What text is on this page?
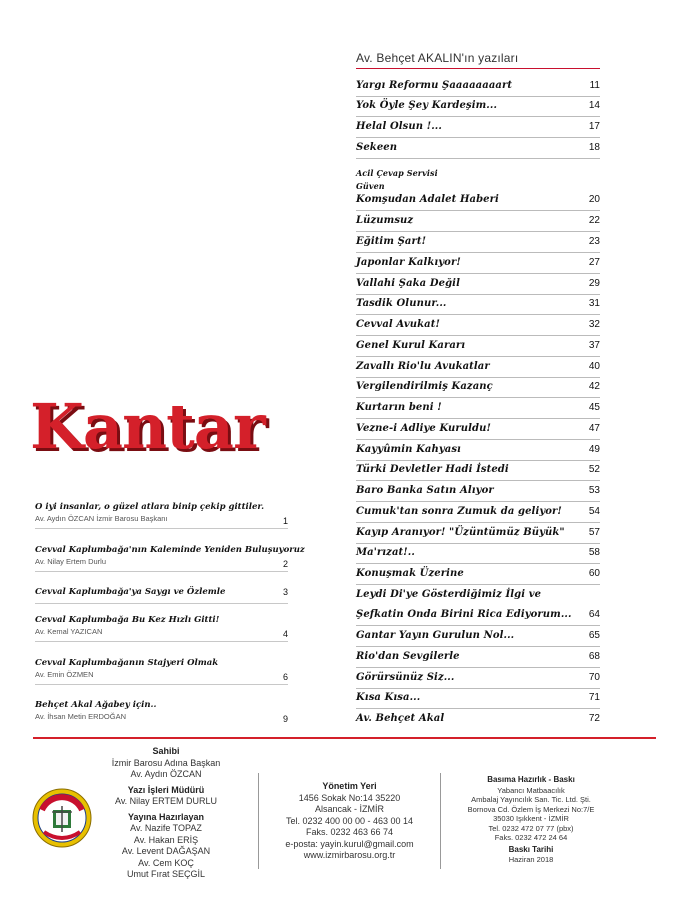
Av. Behçet AKALIN'ın yazıları
Yargı Reformu Şaaaaaaaart	11
Yok Öyle Şey Kardeşim...	14
Helal Olsun !...	17
Sekeen	18
Acil Çevap Servisi
Güven
Komşudan Adalet Haberi	20
Lüzumsuz	22
Eğitim Şart!	23
Japonlar Kalkıyor!	27
Vallahi Şaka Değil	29
Tasdik Olunur...	31
Cevval Avukat!	32
Genel Kurul Kararı	37
Zavallı Rio'lu Avukatlar	40
Vergilendirilmiş Kazanç	42
Kurtarın beni !	45
Vezne-i Adliye Kuruldu!	47
Kayyûmin Kahyası	49
Türki Devletler Hadi İstedi	52
Baro Banka Satın Alıyor	53
Cumuk'tan sonra Zumuk da geliyor!	54
Kayıp Aranıyor! "Üzüntümüz Büyük"	57
Ma'rızat!..	58
Konuşmak Üzerine	60
Leydi Di'ye Gösterdiğimiz İlgi ve
Şefkatin Onda Birini Rica Ediyorum...	64
Gantar Yayın Gurulun Nol...	65
Rio'dan Sevgilerle	68
Görürsünüz Siz...	70
Kısa Kısa...	71
Av. Behçet Akal	72
Kantar
O iyi insanlar, o güzel atlara binip çekip gittiler.
Av. Aydın ÖZCAN İzmir Barosu Başkanı	1
Cevval Kaplumbağa'nın Kaleminde Yeniden Buluşuyoruz
Av. Nilay Ertem Durlu	2
Cevval Kaplumbağa'ya Saygı ve Özlemle	3
Cevval Kaplumbağa Bu Kez Hızlı Gitti!
Av. Kemal YAZICAN	4
Cevval Kaplumbağanın Stajyeri Olmak
Av. Emin ÖZMEN	6
Behçet Akal Ağabey için..
Av. İhsan Metin ERDOĞAN	9
Sahibi
İzmir Barosu Adına Başkan
Av. Aydın ÖZCAN
Yazı İşleri Müdürü
Av. Nilay ERTEM DURLU
Yayına Hazırlayan
Av. Nazife TOPAZ
Av. Hakan ERİŞ
Av. Levent DAĞAŞAN
Av. Cem KOÇ
Umut Fırat SEÇGİL
Yönetim Yeri
1456 Sokak No:14 35220
Alsancak - İZMİR
Tel. 0232 400 00 00 - 463 00 14
Faks. 0232 463 66 74
e-posta: yayin.kurul@gmail.com
www.izmirbarosu.org.tr
Basıma Hazırlık - Baskı
Yabancı Matbaacılık
Ambalaj Yayıncılık San. Tic. Ltd. Şti.
Bornova Cd. Özlem İş Merkezi No:7/E
35030 Işıkkent - İZMİR
Tel. 0232 472 07 77 (pbx)
Faks. 0232 472 24 64
Baskı Tarihi
Haziran 2018
